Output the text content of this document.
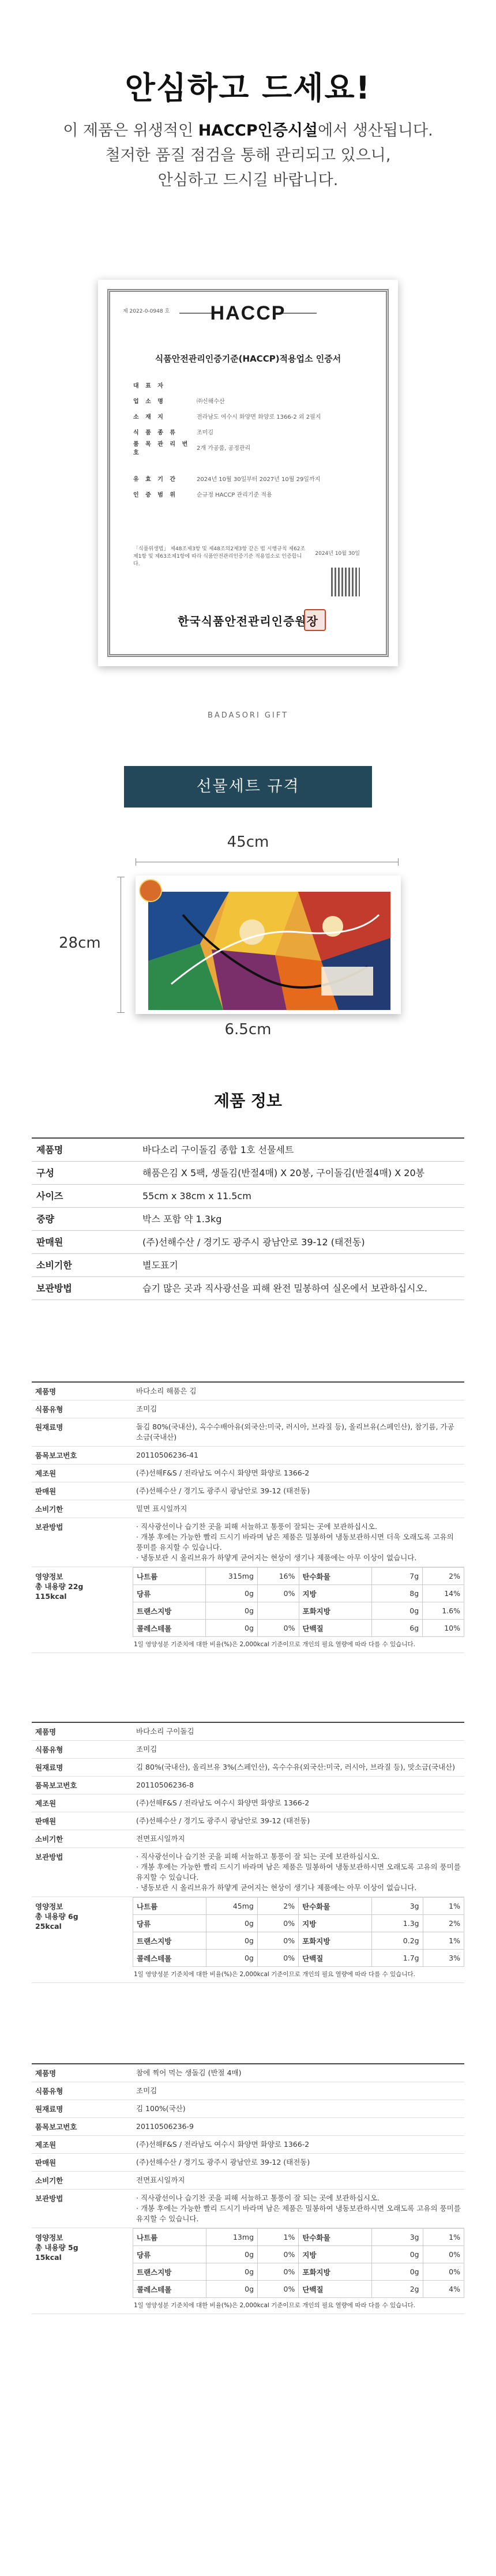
안심하고 드세요!

이 제품은 위생적인 HACCP인증시설에서 생산됩니다.

철저한 품질 점검을 통해 관리되고 있으니,

안심하고 드시길 바랍니다.

제 2022-0-0948 호	HACCP
식품안전관리인증기준(HACCP)적용업소 인증서
대 표 자
업 소 명	㈜신해수산
소 재 지	전라남도 여수시 화양면 화양로 1366-2 외 2필지
식 품 종 류	조미김
품 목 관 리 번 호
2개 가공품, 공정관리
유 효 기 간	2024년 10월 30일부터 2027년 10월 29일까지
인 증 범 위	순규정 HACCP 관리기준 적용
「식품위생법」 제48조제3항 및 제48조의2제3항 같은 법 시행규칙 제62조제1항 및 제63조제1항에 따라 식품안전관리인증기준 적용업소로 인증합니다.
2024년 10월 30일
한국식품안전관리인증원장
BADASORI GIFT
선물세트 규격
45cm
28cm
6.5cm
제품 정보
제품명	바다소리 구이돌김 종합 1호 선물세트
구성	해품은김 X 5팩, 생돌김(반절4매) X 20봉, 구이돌김(반절4매) X 20봉
사이즈	55cm x 38cm x 11.5cm
중량	박스 포함 약 1.3kg
판매원	(주)선해수산 / 경기도 광주시 광남안로 39-12 (태전동)
소비기한	별도표기
보관방법	습기 많은 곳과 직사광선을 피해 완전 밀봉하여 실온에서 보관하십시오.
제품명	바다소리 해품은 김
식품유형	조미김
원재료명	돌김 80%(국내산), 옥수수배아유(외국산:미국, 러시아, 브라질 등), 올리브유(스페인산), 참기름, 가공소금(국내산)
품목보고번호	20110506236-41
제조원	(주)선해F&S / 전라남도 여수시 화양면 화양로 1366-2
판매원	(주)선해수산 / 경기도 광주시 광남안로 39-12 (태전동)
소비기한	밑면 표시일까지
보관방법	· 직사광선이나 습기찬 곳을 피해 서늘하고 통풍이 잘되는 곳에 보관하십시오.
· 개봉 후에는 가능한 빨리 드시기 바라며 남은 제품은 밀봉하여 냉동보관하시면 더욱 오래도록 고유의 풍미를 유지할 수 있습니다.
· 냉동보관 시 올리브유가 하얗게 굳어지는 현상이 생기나 제품에는 아무 이상이 없습니다.
영양정보
총 내용량 22g
115kcal
나트륨	315mg	16%	탄수화물	7g	2%
당류	0g	0%	지방	8g	14%
트랜스지방	0g		포화지방	0g	1.6%
콜레스테롤	0g	0%	단백질	6g	10%
1일 영양성분 기준치에 대한 비율(%)은 2,000kcal 기준이므로 개인의 필요 열량에 따라 다를 수 있습니다.
제품명	바다소리 구이돌김
식품유형	조미김
원재료명	김 80%(국내산), 올리브유 3%(스페인산), 옥수수유(외국산:미국, 러시아, 브라질 등), 맛소금(국내산)
품목보고번호	20110506236-8
제조원	(주)선해F&S / 전라남도 여수시 화양면 화양로 1366-2
판매원	(주)선해수산 / 경기도 광주시 광남안로 39-12 (태전동)
소비기한	전면표시일까지
보관방법	· 직사광선이나 습기찬 곳을 피해 서늘하고 통풍이 잘 되는 곳에 보관하십시오.
· 개봉 후에는 가능한 빨리 드시기 바라며 남은 제품은 밀봉하여 냉동보관하시면 오래도록 고유의 풍미를 유지할 수 있습니다.
· 냉동보관 시 올리브유가 하얗게 굳어지는 현상이 생기나 제품에는 아무 이상이 없습니다.
영양정보
총 내용량 6g
25kcal
나트륨	45mg	2%	탄수화물	3g	1%
당류	0g	0%	지방	1.3g	2%
트랜스지방	0g	0%	포화지방	0.2g	1%
콜레스테롤	0g	0%	단백질	1.7g	3%
1일 영양성분 기준치에 대한 비율(%)은 2,000kcal 기준이므로 개인의 필요 열량에 따라 다를 수 있습니다.
제품명	참에 찍어 먹는 생돌김 (반절 4매)
식품유형	조미김
원재료명	김 100%(국산)
품목보고번호	20110506236-9
제조원	(주)선해F&S / 전라남도 여수시 화양면 화양로 1366-2
판매원	(주)선해수산 / 경기도 광주시 광남안로 39-12 (태전동)
소비기한	전면표시일까지
보관방법	· 직사광선이나 습기찬 곳을 피해 서늘하고 통풍이 잘 되는 곳에 보관하십시오.
· 개봉 후에는 가능한 빨리 드시기 바라며 남은 제품은 밀봉하여 냉동보관하시면 오래도록 고유의 풍미를 유지할 수 있습니다.
영양정보
총 내용량 5g
15kcal
나트륨	13mg	1%	탄수화물	3g	1%
당류	0g	0%	지방	0g	0%
트랜스지방	0g	0%	포화지방	0g	0%
콜레스테롤	0g	0%	단백질	2g	4%
1일 영양성분 기준치에 대한 비율(%)은 2,000kcal 기준이므로 개인의 필요 열량에 따라 다를 수 있습니다.
